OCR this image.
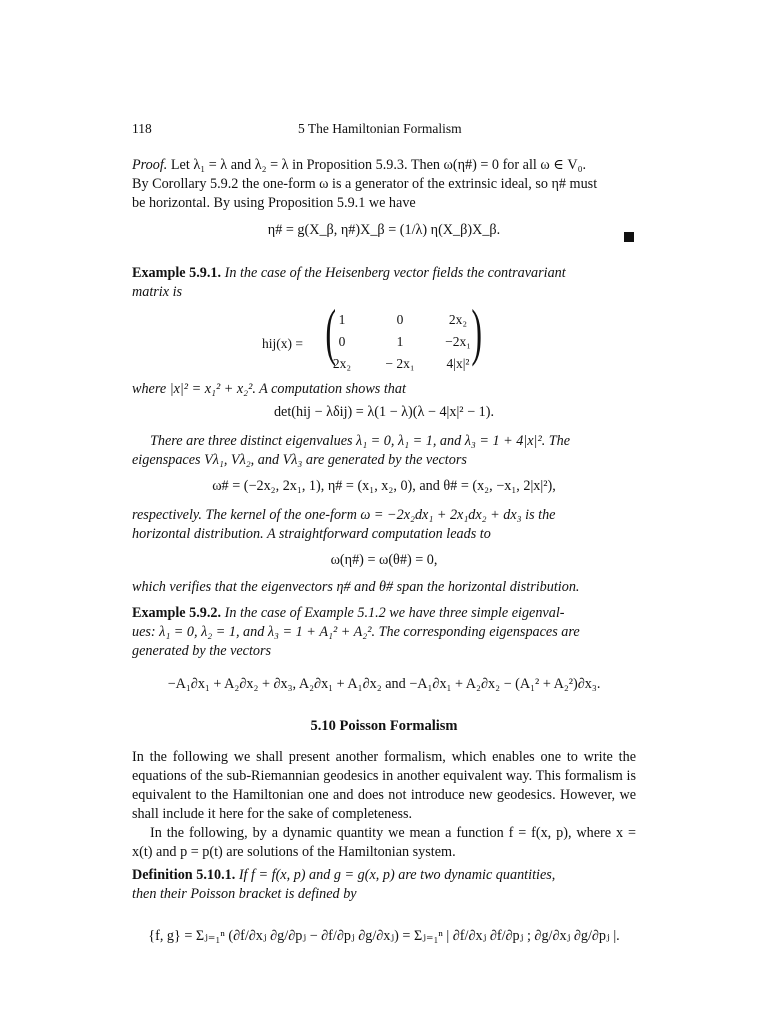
118	5 The Hamiltonian Formalism
Proof. Let λ₁ = λ and λ₂ = λ in Proposition 5.9.3. Then ω(η#) = 0 for all ω ∈ V₀.
By Corollary 5.9.2 the one-form ω is a generator of the extrinsic ideal, so η# must
be horizontal. By using Proposition 5.9.1 we have
η# = g(X_β, η#)X_β = (1/λ) η(X_β)X_β.
Example 5.9.1. In the case of the Heisenberg vector fields the contravariant
matrix is
hij(x) = ( )
1	0	2x₂
0	1	−2x₁
2x₂	− 2x₁	4|x|²
where |x|² = x₁² + x₂². A computation shows that
det(hij − λδij) = λ(1 − λ)(λ − 4|x|² − 1).
There are three distinct eigenvalues λ₁ = 0, λ₁ = 1, and λ₃ = 1 + 4|x|². The
eigenspaces Vλ₁, Vλ₂, and Vλ₃ are generated by the vectors
ω# = (−2x₂, 2x₁, 1), η# = (x₁, x₂, 0), and θ# = (x₂, −x₁, 2|x|²),
respectively. The kernel of the one-form ω = −2x₂dx₁ + 2x₁dx₂ + dx₃ is the
horizontal distribution. A straightforward computation leads to
ω(η#) = ω(θ#) = 0,
which verifies that the eigenvectors η# and θ# span the horizontal distribution.
Example 5.9.2. In the case of Example 5.1.2 we have three simple eigenval-
ues: λ₁ = 0, λ₂ = 1, and λ₃ = 1 + A₁² + A₂². The corresponding eigenspaces are
generated by the vectors
−A₁∂x₁ + A₂∂x₂ + ∂x₃, A₂∂x₁ + A₁∂x₂ and −A₁∂x₁ + A₂∂x₂ − (A₁² + A₂²)∂x₃.
5.10 Poisson Formalism
In the following we shall present another formalism, which enables one to write the equations of the sub-Riemannian geodesics in another equivalent way. This formalism is equivalent to the Hamiltonian one and does not introduce new geodesics. However, we shall include it here for the sake of completeness.
In the following, by a dynamic quantity we mean a function f = f(x, p), where x = x(t) and p = p(t) are solutions of the Hamiltonian system.
Definition 5.10.1. If f = f(x, p) and g = g(x, p) are two dynamic quantities,
then their Poisson bracket is defined by
{f, g} = Σⱼ₌₁ⁿ (∂f/∂xⱼ ∂g/∂pⱼ − ∂f/∂pⱼ ∂g/∂xⱼ) = Σⱼ₌₁ⁿ | ∂f/∂xⱼ ∂f/∂pⱼ ; ∂g/∂xⱼ ∂g/∂pⱼ |.
